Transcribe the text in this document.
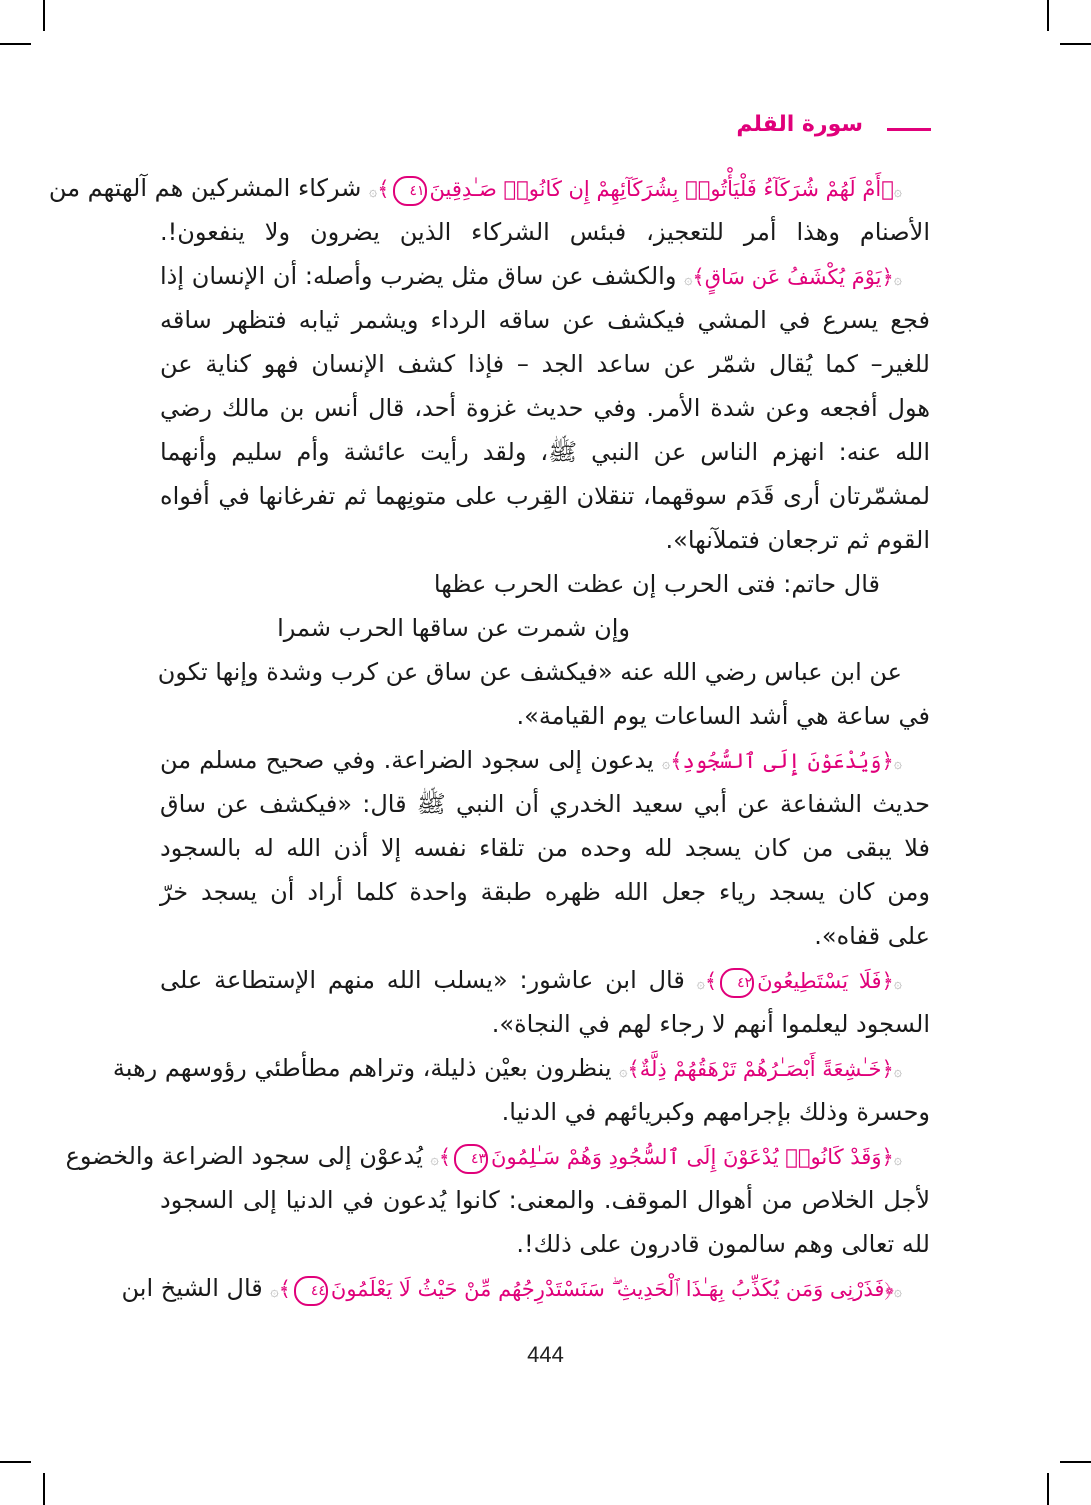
سورة القلم
۞﴿أَمْ لَهُمْ شُرَكَآءُ فَلْيَأْتُوا۟ بِشُرَكَآئِهِمْ إِن كَانُوا۟ صَـٰدِقِينَ٤١﴾۞ شركاء المشركين هم آلهتهم من
الأصنام وهذا أمر للتعجيز، فبئس الشركاء الذين يضرون ولا ينفعون!.
۞﴿يَوْمَ يُكْشَفُ عَن سَاقٍ﴾۞ والكشف عن ساق مثل يضرب وأصله: أن الإنسان إذا
فجع يسرع في المشي فيكشف عن ساقه الرداء ويشمر ثيابه فتظهر ساقه
للغير– كما يُقال شمّر عن ساعد الجد – فإذا كشف الإنسان فهو كناية عن
هول أفجعه وعن شدة الأمر. وفي حديث غزوة أحد، قال أنس بن مالك رضي
الله عنه: انهزم الناس عن النبي ﷺ، ولقد رأيت عائشة وأم سليم وأنهما
لمشمّرتان أرى قَدَم سوقهما، تنقلان القِرب على متونِهما ثم تفرغانها في أفواه
القوم ثم ترجعان فتملآنها».
قال حاتم: فتى الحرب إن عظت الحرب عظها
وإن شمرت عن ساقها الحرب شمرا
عن ابن عباس رضي الله عنه «فيكشف عن ساق عن كرب وشدة وإنها تكون
في ساعة هي أشد الساعات يوم القيامة».
۞﴿وَيُدْعَوْنَ إِلَى ٱلسُّجُودِ﴾۞ يدعون إلى سجود الضراعة. وفي صحيح مسلم من
حديث الشفاعة عن أبي سعيد الخدري أن النبي ﷺ قال: «فيكشف عن ساق
فلا يبقى من كان يسجد لله وحده من تلقاء نفسه إلا أذن الله له بالسجود
ومن كان يسجد رياء جعل الله ظهره طبقة واحدة كلما أراد أن يسجد خرّ
على قفاه».
۞﴿فَلَا يَسْتَطِيعُونَ٤٢﴾۞ قال ابن عاشور: «يسلب الله منهم الإستطاعة على
السجود ليعلموا أنهم لا رجاء لهم في النجاة».
۞﴿خَـٰشِعَةً أَبْصَـٰرُهُمْ تَرْهَقُهُمْ ذِلَّةٌ﴾۞ ينظرون بعيْن ذليلة، وتراهم مطأطئي رؤوسهم رهبة
وحسرة وذلك بإجرامهم وكبريائهم في الدنيا.
۞﴿وَقَدْ كَانُوا۟ يُدْعَوْنَ إِلَى ٱلسُّجُودِ وَهُمْ سَـٰلِمُونَ٤٣﴾۞ يُدعوْن إلى سجود الضراعة والخضوع
لأجل الخلاص من أهوال الموقف. والمعنى: كانوا يُدعون في الدنيا إلى السجود
لله تعالى وهم سالمون قادرون على ذلك!.
۞﴿فَذَرْنِى وَمَن يُكَذِّبُ بِهَـٰذَا ٱلْحَدِيثِ ۖ سَنَسْتَدْرِجُهُم مِّنْ حَيْثُ لَا يَعْلَمُونَ٤٤﴾۞ قال الشيخ ابن
444
